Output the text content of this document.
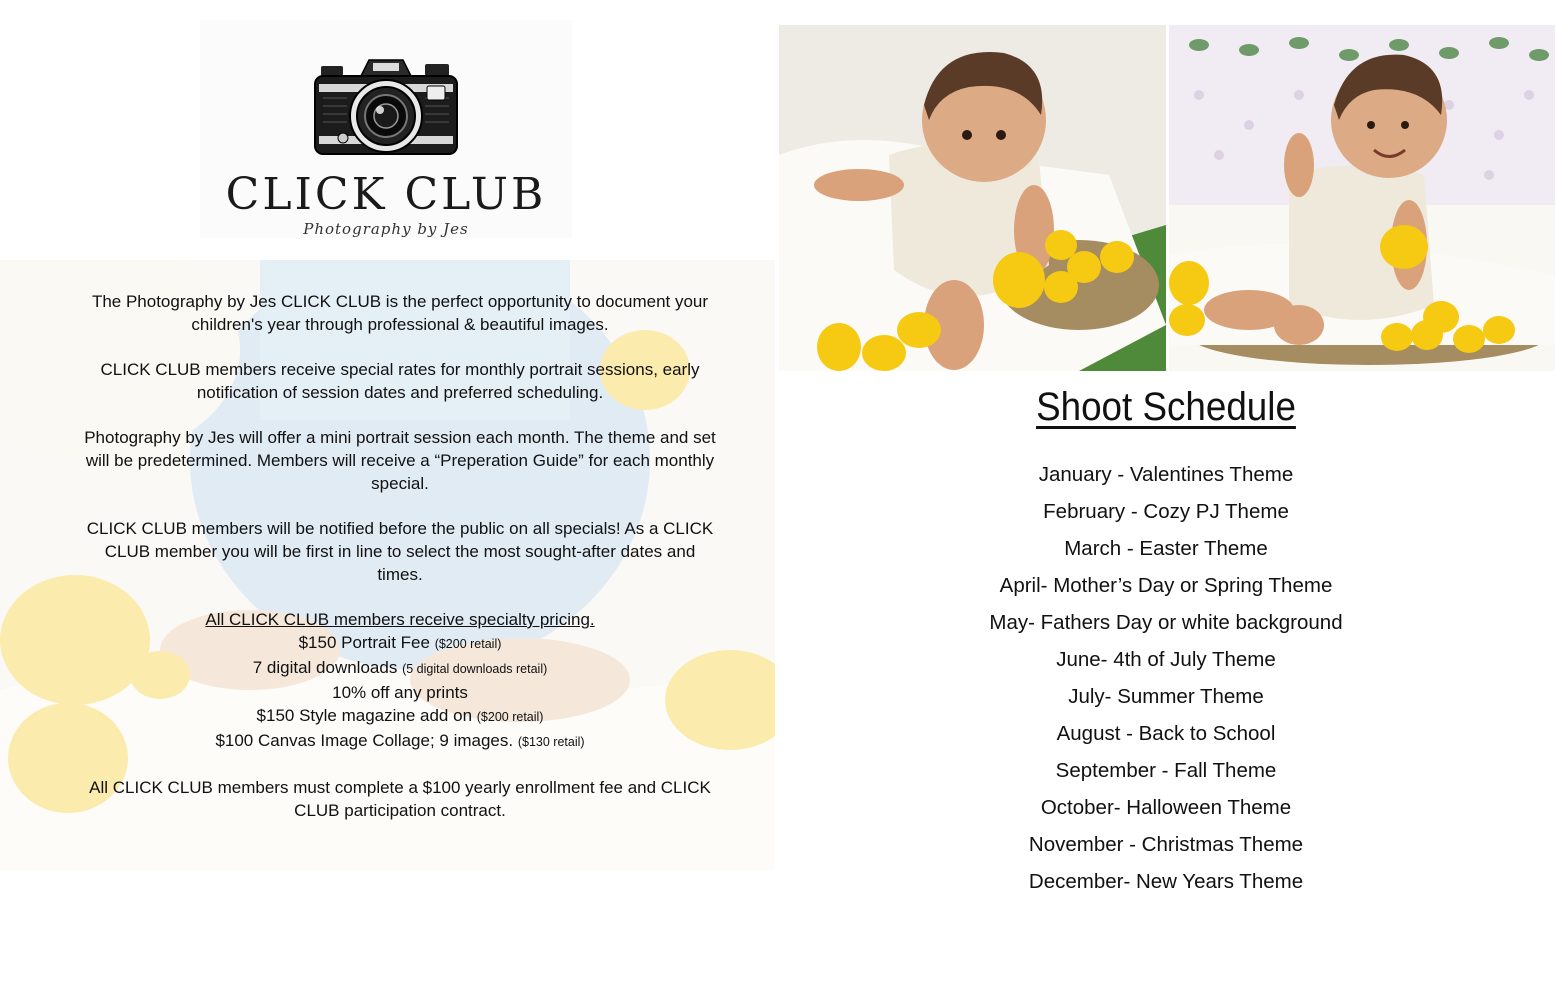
CLICK CLUB
Photography by Jes

The Photography by Jes CLICK CLUB is the perfect opportunity to document your children's year through professional & beautiful images.

CLICK CLUB members receive special rates for monthly portrait sessions, early notification of session dates and preferred scheduling.

Photography by Jes will offer a mini portrait session each month. The theme and set will be predetermined. Members will receive a “Preperation Guide” for each monthly special.

CLICK CLUB members will be notified before the public on all specials! As a CLICK CLUB member you will be first in line to select the most sought-after dates and times.

All CLICK CLUB members receive specialty pricing.
$150 Portrait Fee ($200 retail)
7 digital downloads (5 digital downloads retail)
10% off any prints
$150 Style magazine add on ($200 retail)
$100 Canvas Image Collage; 9 images. ($130 retail)

All CLICK CLUB members must complete a $100 yearly enrollment fee and CLICK CLUB participation contract.

Shoot Schedule
January - Valentines Theme
February - Cozy PJ Theme
March - Easter Theme
April- Mother’s Day or Spring Theme
May- Fathers Day or white background
June- 4th of July Theme
July- Summer Theme
August - Back to School
September - Fall Theme
October- Halloween Theme
November - Christmas Theme
December- New Years Theme
